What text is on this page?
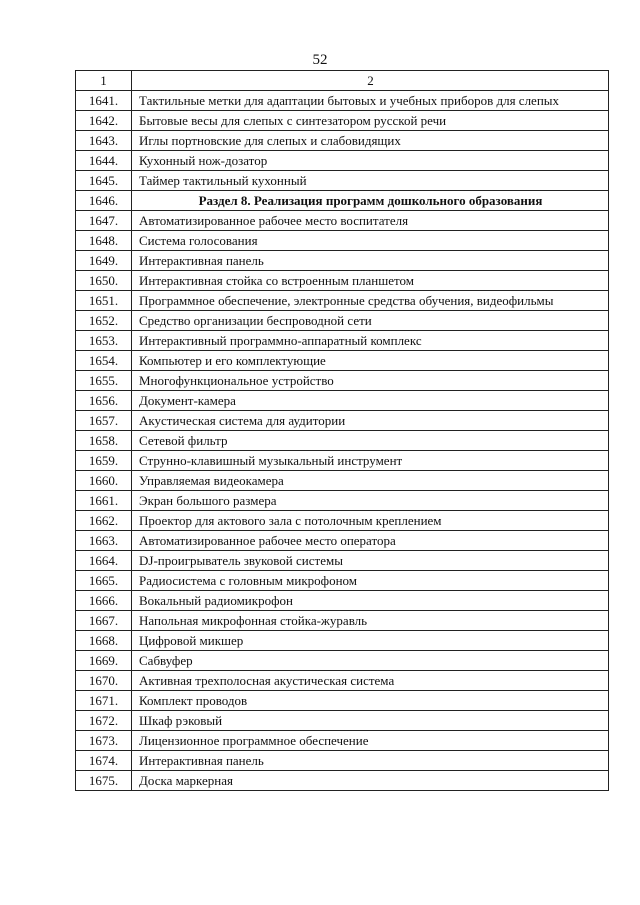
52
1	2
1641.	Тактильные метки для адаптации бытовых и учебных приборов для слепых
1642.	Бытовые весы для слепых с синтезатором русской речи
1643.	Иглы портновские для слепых и слабовидящих
1644.	Кухонный нож-дозатор
1645.	Таймер тактильный кухонный
1646.	Раздел 8. Реализация программ дошкольного образования
1647.	Автоматизированное рабочее место воспитателя
1648.	Система голосования
1649.	Интерактивная панель
1650.	Интерактивная стойка со встроенным планшетом
1651.	Программное обеспечение, электронные средства обучения, видеофильмы
1652.	Средство организации беспроводной сети
1653.	Интерактивный программно-аппаратный комплекс
1654.	Компьютер и его комплектующие
1655.	Многофункциональное устройство
1656.	Документ-камера
1657.	Акустическая система для аудитории
1658.	Сетевой фильтр
1659.	Струнно-клавишный музыкальный инструмент
1660.	Управляемая видеокамера
1661.	Экран большого размера
1662.	Проектор для актового зала с потолочным креплением
1663.	Автоматизированное рабочее место оператора
1664.	DJ-проигрыватель звуковой системы
1665.	Радиосистема с головным микрофоном
1666.	Вокальный радиомикрофон
1667.	Напольная микрофонная стойка-журавль
1668.	Цифровой микшер
1669.	Сабвуфер
1670.	Активная трехполосная акустическая система
1671.	Комплект проводов
1672.	Шкаф рэковый
1673.	Лицензионное программное обеспечение
1674.	Интерактивная панель
1675.	Доска маркерная
